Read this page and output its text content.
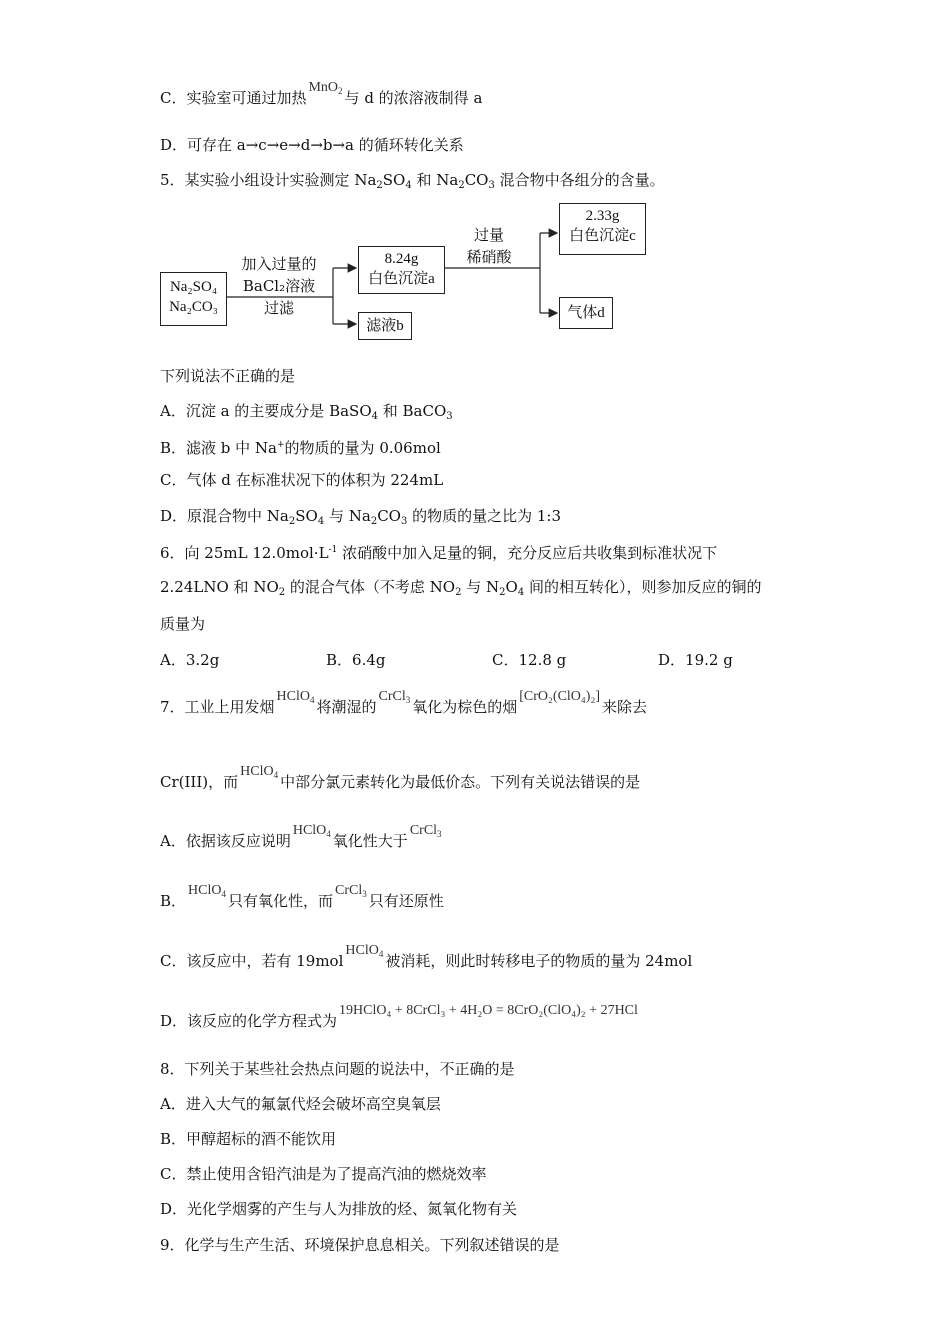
C．实验室可通过加热MnO$_2$ 与 d 的浓溶液制得 a
D．可存在 a→c→e→d→b→a 的循环转化关系
5．某实验小组设计实验测定 $Na_2SO_4$ 和 $Na_2CO_3$ 混合物中各组分的含量。
Na₂SO₄
Na₂CO₃
加入过量的
BaCl₂溶液
过滤
8.24g
白色沉淀a
滤液b
过量
稀硝酸
2.33g
白色沉淀c
气体d
下列说法不正确的是
A．沉淀 a 的主要成分是 BaSO$_4$ 和 BaCO$_3$
B．滤液 b 中 Na+的物质的量为 0.06mol
C．气体 d 在标准状况下的体积为 224mL
D．原混合物中 $Na_2SO_4$ 与 $Na_2CO_3$ 的物质的量之比为 1:3
6．向 25mL $12.0mol\cdot L^{-1}$ 浓硝酸中加入足量的铜，充分反应后共收集到标准状况下
2.24LNO 和 $NO_2$ 的混合气体（不考虑 $NO_2$ 与 $N_2O_4$ 间的相互转化），则参加反应的铜的
质量为
A．3.2g	B．6.4g	C．12.8 g	D．19.2 g
7．工业上用发烟HClO$_4$ 将潮湿的CrCl$_3$ 氧化为棕色的烟[CrO₂(ClO₄)₂]来除去
Cr(III)，而HClO$_4$ 中部分氯元素转化为最低价态。下列有关说法错误的是
A．依据该反应说明HClO$_4$ 氧化性大于CrCl$_3$
B．HClO$_4$ 只有氧化性，而CrCl$_3$ 只有还原性
C．该反应中，若有 19molHClO$_4$ 被消耗，则此时转移电子的物质的量为 24mol
D．该反应的化学方程式为19HClO₄ + 8CrCl₃ + 4H₂O = 8CrO₂(ClO₄)₂ + 27HCl
8．下列关于某些社会热点问题的说法中，不正确的是
A．进入大气的氟氯代烃会破坏高空臭氧层
B．甲醇超标的酒不能饮用
C．禁止使用含铅汽油是为了提高汽油的燃烧效率
D．光化学烟雾的产生与人为排放的烃、氮氧化物有关
9．化学与生产生活、环境保护息息相关。下列叙述错误的是
